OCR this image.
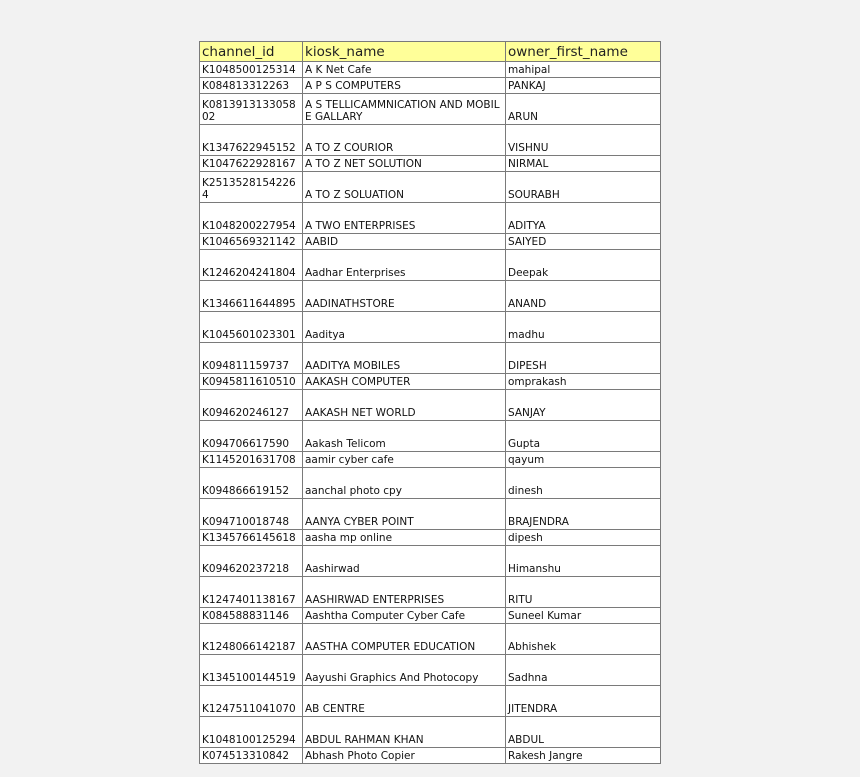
channel_id	kiosk_name	owner_first_name
K1048500125314	A K Net Cafe	mahipal
K084813312263	A P S COMPUTERS	PANKAJ
K0813913133058 02	A S TELLICAMMNICATION AND MOBILE GALLARY	ARUN
K1347622945152	A TO Z COURIOR	VISHNU
K1047622928167	A TO Z NET SOLUTION	NIRMAL
K2513528154226 4	A TO Z SOLUATION	SOURABH
K1048200227954	A TWO ENTERPRISES	ADITYA
K1046569321142	AABID	SAIYED
K1246204241804	Aadhar Enterprises	Deepak
K1346611644895	AADINATHSTORE	ANAND
K1045601023301	Aaditya	madhu
K094811159737	AADITYA MOBILES	DIPESH
K0945811610510	AAKASH COMPUTER	omprakash
K094620246127	AAKASH NET WORLD	SANJAY
K094706617590	Aakash Telicom	Gupta
K1145201631708	aamir cyber cafe	qayum
K094866619152	aanchal photo cpy	dinesh
K094710018748	AANYA CYBER POINT	BRAJENDRA
K1345766145618	aasha mp online	dipesh
K094620237218	Aashirwad	Himanshu
K1247401138167	AASHIRWAD ENTERPRISES	RITU
K084588831146	Aashtha Computer Cyber Cafe	Suneel Kumar
K1248066142187	AASTHA COMPUTER EDUCATION	Abhishek
K1345100144519	Aayushi Graphics And Photocopy	Sadhna
K1247511041070	AB CENTRE	JITENDRA
K1048100125294	ABDUL RAHMAN KHAN	ABDUL
K074513310842	Abhash Photo Copier	Rakesh Jangre
